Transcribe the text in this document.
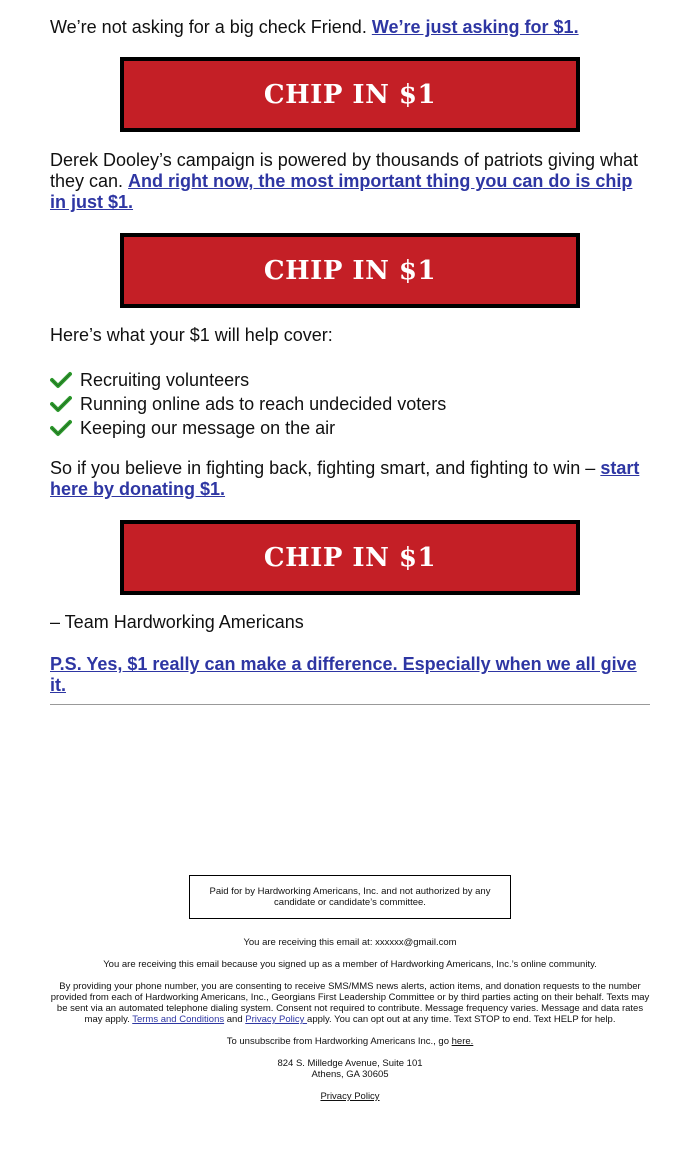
We’re not asking for a big check Friend. We’re just asking for $1.

CHIP IN $1

Derek Dooley’s campaign is powered by thousands of patriots giving what they can. And right now, the most important thing you can do is chip in just $1.

CHIP IN $1

Here’s what your $1 will help cover:

Recruiting volunteers
Running online ads to reach undecided voters
Keeping our message on the air

So if you believe in fighting back, fighting smart, and fighting to win – start here by donating $1.

CHIP IN $1

– Team Hardworking Americans

P.S. Yes, $1 really can make a difference. Especially when we all give it.

Paid for by Hardworking Americans, Inc. and not authorized by any candidate or candidate’s committee.
You are receiving this email at: xxxxxx@gmail.com
You are receiving this email because you signed up as a member of Hardworking Americans, Inc.’s online community.
By providing your phone number, you are consenting to receive SMS/MMS news alerts, action items, and donation requests to the number provided from each of Hardworking Americans, Inc., Georgians First Leadership Committee or by third parties acting on their behalf. Texts may be sent via an automated telephone dialing system. Consent not required to contribute. Message frequency varies. Message and data rates may apply. Terms and Conditions and Privacy Policy apply. You can opt out at any time. Text STOP to end. Text HELP for help.
To unsubscribe from Hardworking Americans Inc., go here.
824 S. Milledge Avenue, Suite 101
Athens, GA 30605
Privacy Policy
